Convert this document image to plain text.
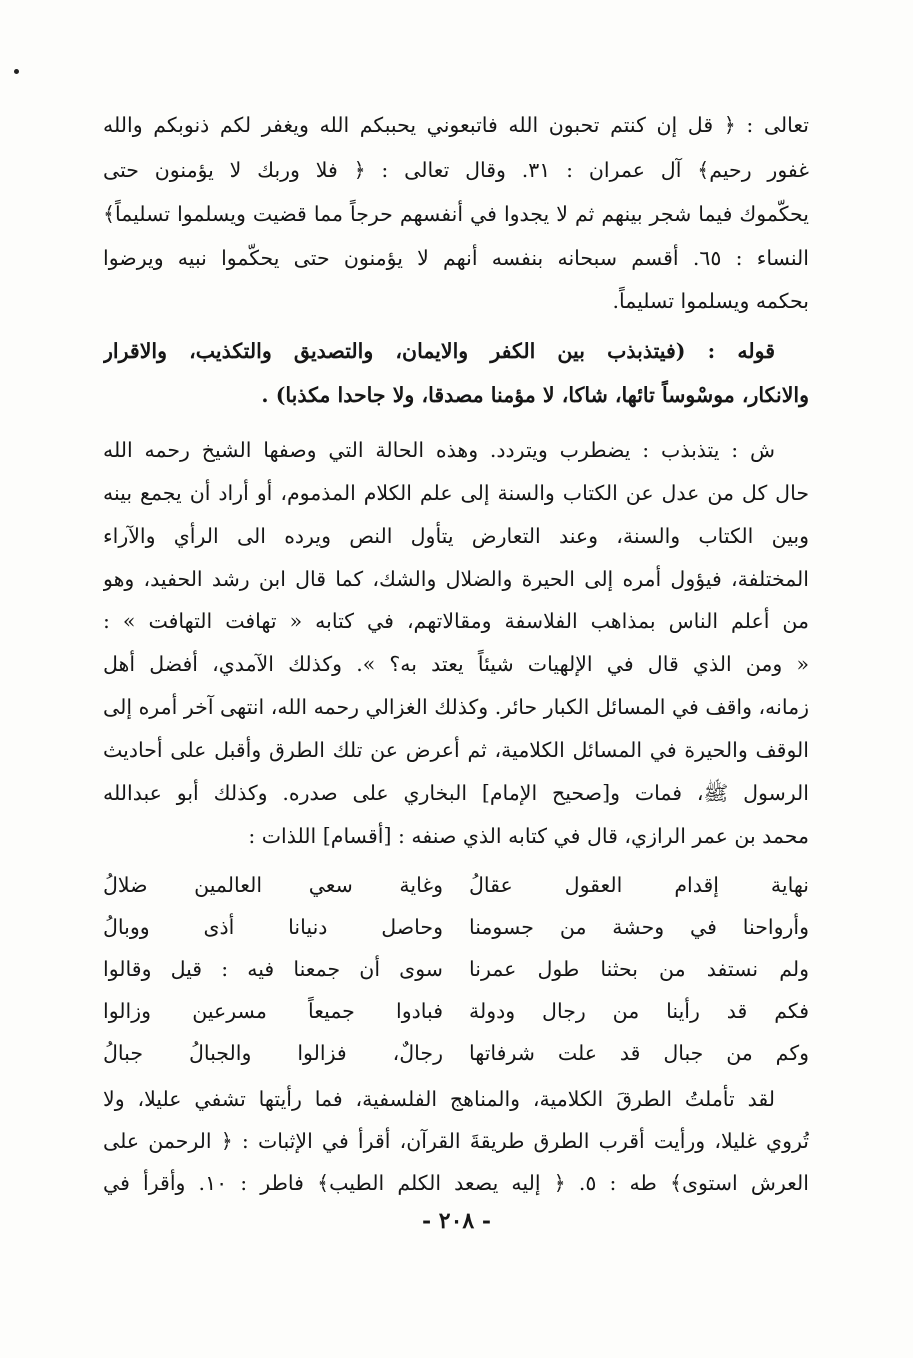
تعالى : ﴿ قل إن كنتم تحبون الله فاتبعوني يحببكم الله ويغفر لكم ذنوبكم والله
غفور رحيم﴾ آل عمران : ٣١. وقال تعالى : ﴿ فلا وربك لا يؤمنون حتى
يحكّموك فيما شجر بينهم ثم لا يجدوا في أنفسهم حرجاً مما قضيت ويسلموا تسليماً﴾
النساء : ٦٥. أقسم سبحانه بنفسه أنهم لا يؤمنون حتى يحكّموا نبيه ويرضوا
بحكمه ويسلموا تسليماً.
قوله : (فيتذبذب بين الكفر والايمان، والتصديق والتكذيب، والاقرار
والانكار، موسْوساً تائها، شاكا، لا مؤمنا مصدقا، ولا جاحدا مكذبا) .
ش : يتذبذب : يضطرب ويتردد. وهذه الحالة التي وصفها الشيخ رحمه الله
حال كل من عدل عن الكتاب والسنة إلى علم الكلام المذموم، أو أراد أن يجمع بينه
وبين الكتاب والسنة، وعند التعارض يتأول النص ويرده الى الرأي والآراء
المختلفة، فيؤول أمره إلى الحيرة والضلال والشك، كما قال ابن رشد الحفيد، وهو
من أعلم الناس بمذاهب الفلاسفة ومقالاتهم، في كتابه « تهافت التهافت » :
« ومن الذي قال في الإلهيات شيئاً يعتد به؟ ». وكذلك الآمدي، أفضل أهل
زمانه، واقف في المسائل الكبار حائر. وكذلك الغزالي رحمه الله، انتهى آخر أمره إلى
الوقف والحيرة في المسائل الكلامية، ثم أعرض عن تلك الطرق وأقبل على أحاديث
الرسول ﷺ، فمات و[صحيح الإمام] البخاري على صدره. وكذلك أبو عبدالله
محمد بن عمر الرازي، قال في كتابه الذي صنفه : [أقسام] اللذات :
نهاية إقدام العقول عقالُ
وغاية سعي العالمين ضلالُ
وأرواحنا في وحشة من جسومنا
وحاصل دنيانا أذى ووبالُ
ولم نستفد من بحثنا طول عمرنا
سوى أن جمعنا فيه : قيل وقالوا
فكم قد رأينا من رجال ودولة
فبادوا جميعاً مسرعين وزالوا
وكم من جبال قد علت شرفاتها
رجالٌ، فزالوا والجبالُ جبالُ
لقد تأملتُ الطرقَ الكلامية، والمناهج الفلسفية، فما رأيتها تشفي عليلا، ولا
تُروي غليلا، ورأيت أقرب الطرق طريقةَ القرآن، أقرأ في الإثبات : ﴿ الرحمن على
العرش استوى﴾ طه : ٥. ﴿ إليه يصعد الكلم الطيب﴾ فاطر : ١٠. وأقرأ في
- ٢٠٨ -
